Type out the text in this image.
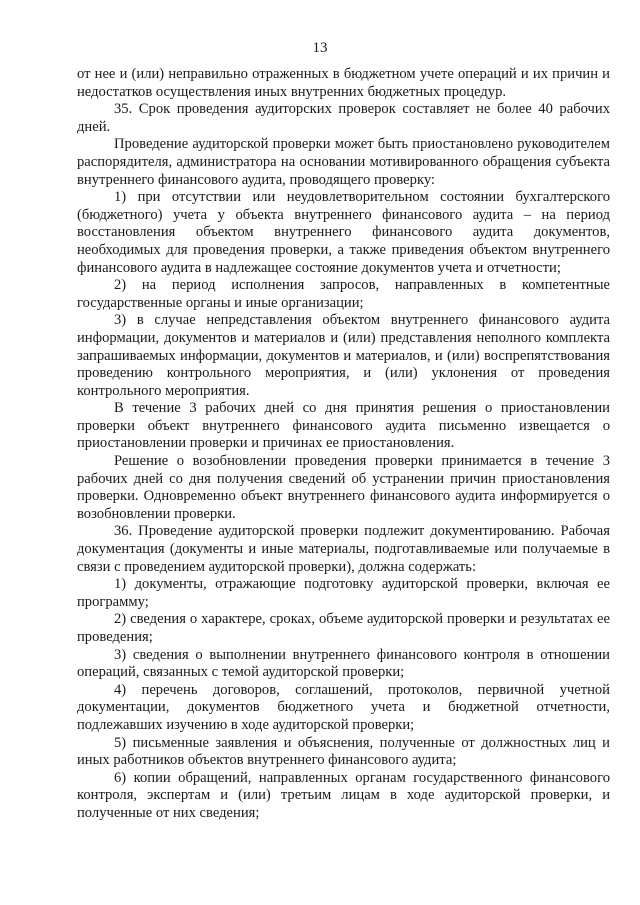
13

от нее и (или) неправильно отраженных в бюджетном учете операций и их причин и недостатков осуществления иных внутренних бюджетных процедур.

35. Срок проведения аудиторских проверок составляет не более 40 рабочих дней.

Проведение аудиторской проверки может быть приостановлено руководителем распорядителя, администратора на основании мотивированного обращения субъекта внутреннего финансового аудита, проводящего проверку:

1) при отсутствии или неудовлетворительном состоянии бухгалтерского (бюджетного) учета у объекта внутреннего финансового аудита – на период восстановления объектом внутреннего финансового аудита документов, необходимых для проведения проверки, а также приведения объектом внутреннего финансового аудита в надлежащее состояние документов учета и отчетности;

2) на период исполнения запросов, направленных в компетентные государственные органы и иные организации;

3) в случае непредставления объектом внутреннего финансового аудита информации, документов и материалов и (или) представления неполного комплекта запрашиваемых информации, документов и материалов, и (или) воспрепятствования проведению контрольного мероприятия, и (или) уклонения от проведения контрольного мероприятия.

В течение 3 рабочих дней со дня принятия решения о приостановлении проверки объект внутреннего финансового аудита письменно извещается о приостановлении проверки и причинах ее приостановления.

Решение о возобновлении проведения проверки принимается в течение 3 рабочих дней со дня получения сведений об устранении причин приостановления проверки. Одновременно объект внутреннего финансового аудита информируется о возобновлении проверки.

36. Проведение аудиторской проверки подлежит документированию. Рабочая документация (документы и иные материалы, подготавливаемые или получаемые в связи с проведением аудиторской проверки), должна содержать:

1) документы, отражающие подготовку аудиторской проверки, включая ее программу;

2) сведения о характере, сроках, объеме аудиторской проверки и результатах ее проведения;

3) сведения о выполнении внутреннего финансового контроля в отношении операций, связанных с темой аудиторской проверки;

4) перечень договоров, соглашений, протоколов, первичной учетной документации, документов бюджетного учета и бюджетной отчетности, подлежавших изучению в ходе аудиторской проверки;

5) письменные заявления и объяснения, полученные от должностных лиц и иных работников объектов внутреннего финансового аудита;

6) копии обращений, направленных органам государственного финансового контроля, экспертам и (или) третьим лицам в ходе аудиторской проверки, и полученные от них сведения;
